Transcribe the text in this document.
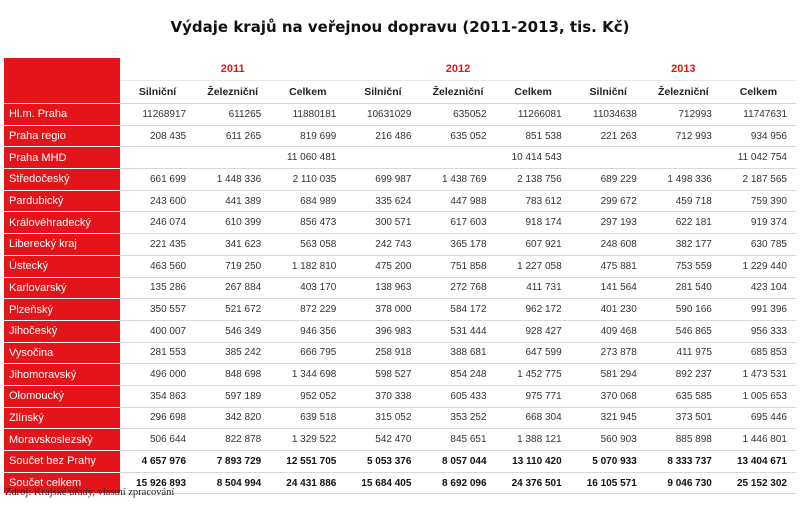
Výdaje krajů na veřejnou dopravu (2011-2013, tis. Kč)
Kraj	2011			2012			2013		
	Silniční	Železniční	Celkem	Silniční	Železniční	Celkem	Silniční	Železniční	Celkem
Hl.m. Praha	11268917	611265	11880181	10631029	635052	11266081	11034638	712993	11747631
Praha regio	208 435	611 265	819 699	216 486	635 052	851 538	221 263	712 993	934 956
Praha MHD			11 060 481			10 414 543			11 042 754
Středočeský	661 699	1 448 336	2 110 035	699 987	1 438 769	2 138 756	689 229	1 498 336	2 187 565
Pardubický	243 600	441 389	684 989	335 624	447 988	783 612	299 672	459 718	759 390
Královéhradecký	246 074	610 399	856 473	300 571	617 603	918 174	297 193	622 181	919 374
Liberecký kraj	221 435	341 623	563 058	242 743	365 178	607 921	248 608	382 177	630 785
Ústecký	463 560	719 250	1 182 810	475 200	751 858	1 227 058	475 881	753 559	1 229 440
Karlovarský	135 286	267 884	403 170	138 963	272 768	411 731	141 564	281 540	423 104
Plzeňský	350 557	521 672	872 229	378 000	584 172	962 172	401 230	590 166	991 396
Jihočeský	400 007	546 349	946 356	396 983	531 444	928 427	409 468	546 865	956 333
Vysočina	281 553	385 242	666 795	258 918	388 681	647 599	273 878	411 975	685 853
Jihomoravský	496 000	848 698	1 344 698	598 527	854 248	1 452 775	581 294	892 237	1 473 531
Olomoucký	354 863	597 189	952 052	370 338	605 433	975 771	370 068	635 585	1 005 653
Zlínský	296 698	342 820	639 518	315 052	353 252	668 304	321 945	373 501	695 446
Moravskoslezský	506 644	822 878	1 329 522	542 470	845 651	1 388 121	560 903	885 898	1 446 801
Součet bez Prahy	4 657 976	7 893 729	12 551 705	5 053 376	8 057 044	13 110 420	5 070 933	8 333 737	13 404 671
Součet celkem	15 926 893	8 504 994	24 431 886	15 684 405	8 692 096	24 376 501	16 105 571	9 046 730	25 152 302
Zdroj: Krajské úřady, vlastní zpracování
